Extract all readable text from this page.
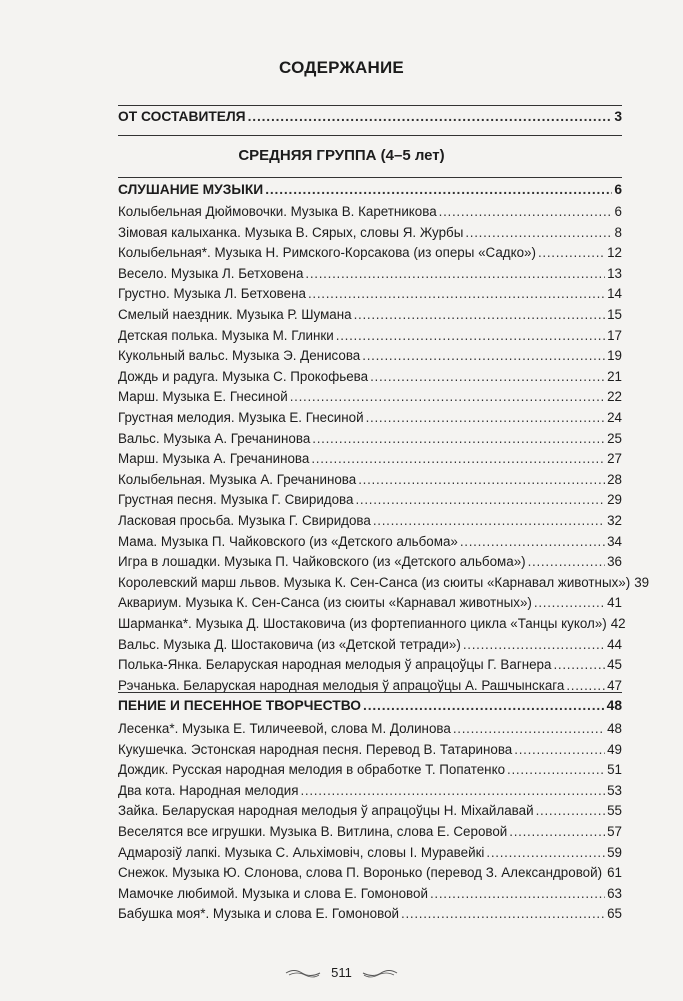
СОДЕРЖАНИЕ
ОТ СОСТАВИТЕЛЯ . . .	3
СРЕДНЯЯ ГРУППА (4–5 лет)
СЛУШАНИЕ МУЗЫКИ . . .	6
Колыбельная Дюймовочки. Музыка В. Каретникова . . .	6
Зімовая калыханка. Музыка В. Сярых, словы Я. Журбы . . .	8
Колыбельная*. Музыка Н. Римского-Корсакова (из оперы «Садко») . . .	12
Весело. Музыка Л. Бетховена . . .	13
Грустно. Музыка Л. Бетховена . . .	14
Смелый наездник. Музыка Р. Шумана . . .	15
Детская полька. Музыка М. Глинки . . .	17
Кукольный вальс. Музыка Э. Денисова . . .	19
Дождь и радуга. Музыка С. Прокофьева . . .	21
Марш. Музыка Е. Гнесиной . . .	22
Грустная мелодия. Музыка Е. Гнесиной . . .	24
Вальс. Музыка А. Гречанинова . . .	25
Марш. Музыка А. Гречанинова . . .	27
Колыбельная. Музыка А. Гречанинова . . .	28
Грустная песня. Музыка Г. Свиридова . . .	29
Ласковая просьба. Музыка Г. Свиридова . . .	32
Мама. Музыка П. Чайковского (из «Детского альбома» . . .	34
Игра в лошадки. Музыка П. Чайковского (из «Детского альбома») . . .	36
Королевский марш львов. Музыка К. Сен-Санса (из сюиты «Карнавал животных») 39
Аквариум. Музыка К. Сен-Санса (из сюиты «Карнавал животных») . . .	41
Шарманка*. Музыка Д. Шостаковича (из фортепианного цикла «Танцы кукол») 42
Вальс. Музыка Д. Шостаковича (из «Детской тетради») . . .	44
Полька-Янка. Беларуская народная мелодыя ў апрацоўцы Г. Вагнера . . .	45
Рэчанька. Беларуская народная мелодыя ў апрацоўцы А. Рашчынскага . . .	47
ПЕНИЕ И ПЕСЕННОЕ ТВОРЧЕСТВО . . .	48
Лесенка*. Музыка Е. Тиличеевой, слова М. Долинова . . .	48
Кукушечка. Эстонская народная песня. Перевод В. Татаринова . . .	49
Дождик. Русская народная мелодия в обработке Т. Попатенко . . .	51
Два кота. Народная мелодия . . .	53
Зайка. Беларуская народная мелодыя ў апрацоўцы Н. Міхайлавай . . .	55
Веселятся все игрушки. Музыка В. Витлина, слова Е. Серовой . . .	57
Адмарозіў лапкі. Музыка С. Альхімовіч, словы І. Муравейкі . . .	59
Снежок. Музыка Ю. Слонова, слова П. Воронько (перевод З. Александровой) . . . 61
Мамочке любимой. Музыка и слова Е. Гомоновой . . .	63
Бабушка моя*. Музыка и слова Е. Гомоновой . . .	65
511
